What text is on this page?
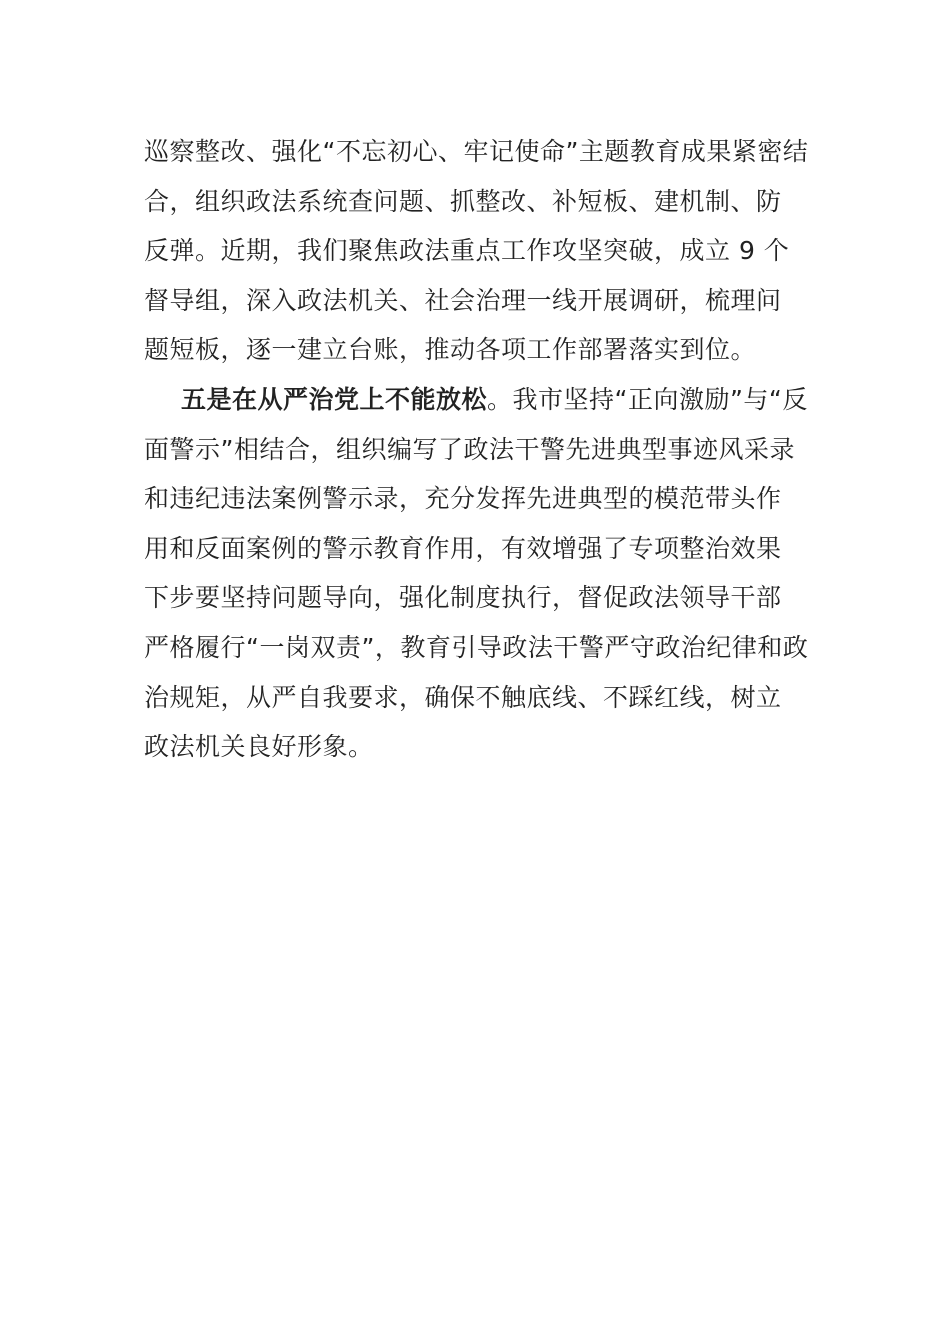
巡察整改、强化“不忘初心、牢记使命”主题教育成果紧密结
合，组织政法系统查问题、抓整改、补短板、建机制、防
反弹。近期，我们聚焦政法重点工作攻坚突破，成立 9 个
督导组，深入政法机关、社会治理一线开展调研，梳理问
题短板，逐一建立台账，推动各项工作部署落实到位。
五是在从严治党上不能放松。我市坚持“正向激励”与“反
面警示”相结合，组织编写了政法干警先进典型事迹风采录
和违纪违法案例警示录，充分发挥先进典型的模范带头作
用和反面案例的警示教育作用，有效增强了专项整治效果
下步要坚持问题导向，强化制度执行，督促政法领导干部
严格履行“一岗双责”，教育引导政法干警严守政治纪律和政
治规矩，从严自我要求，确保不触底线、不踩红线，树立
政法机关良好形象。
